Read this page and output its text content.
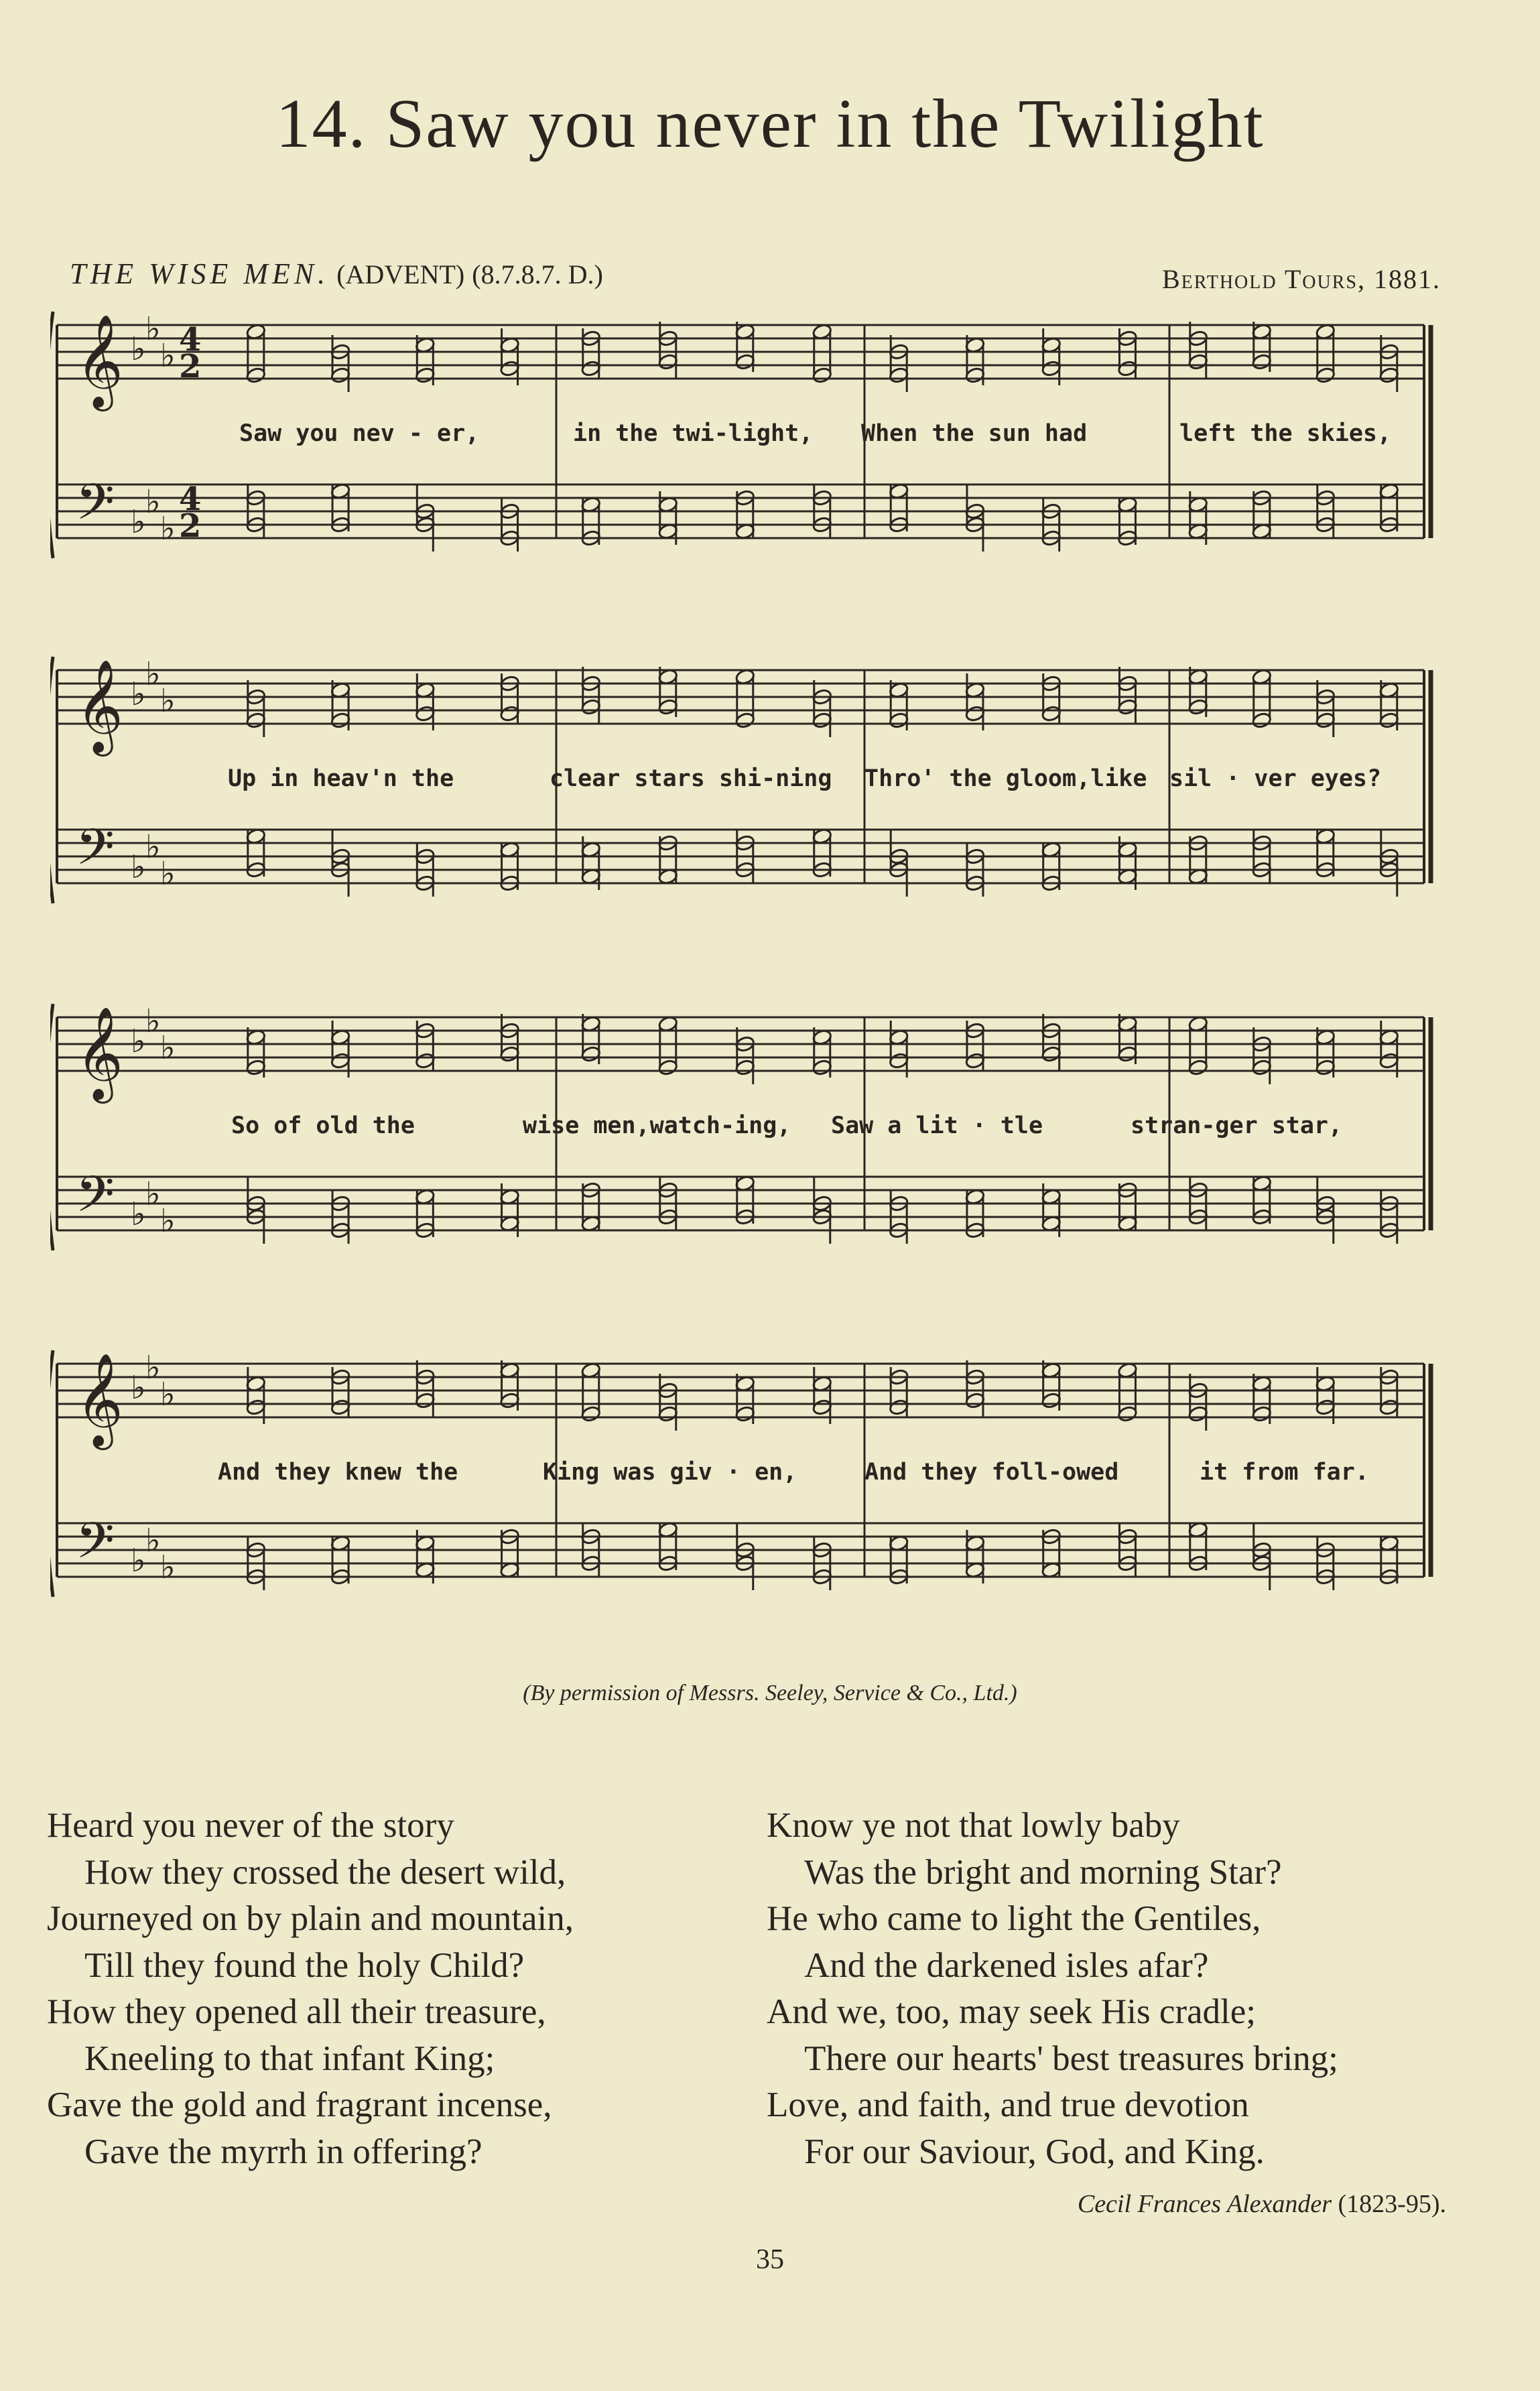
14. Saw you never in the Twilight
THE WISE MEN. (ADVENT) (8.7.8.7. D.)	Berthold Tours, 1881.
𝄞
𝄢
♭
♭
♭
♭
♭
♭
4
2
4
2
Saw you nev - er,	in the twi-light, When the sun had	left the skies,
𝄞
𝄢
♭
♭
♭
♭
♭
♭
Up in heav'n the	clear stars shi-ning Thro' the gloom,like sil · ver eyes?
𝄞
𝄢
♭
♭
♭
♭
♭
♭
So of old the	wise men,watch-ing, Saw a lit · tle	stran-ger star,
𝄞
𝄢
♭
♭
♭
♭
♭
♭
And they knew the	King was giv · en,	And they foll-owed	it from far.
(By permission of Messrs. Seeley, Service & Co., Ltd.)
Heard you never of the story
How they crossed the desert wild,
Journeyed on by plain and mountain,
Till they found the holy Child?
How they opened all their treasure,
Kneeling to that infant King;
Gave the gold and fragrant incense,
Gave the myrrh in offering?
Know ye not that lowly baby
Was the bright and morning Star?
He who came to light the Gentiles,
And the darkened isles afar?
And we, too, may seek His cradle;
There our hearts' best treasures bring;
Love, and faith, and true devotion
For our Saviour, God, and King.
Cecil Frances Alexander (1823-95).
35
